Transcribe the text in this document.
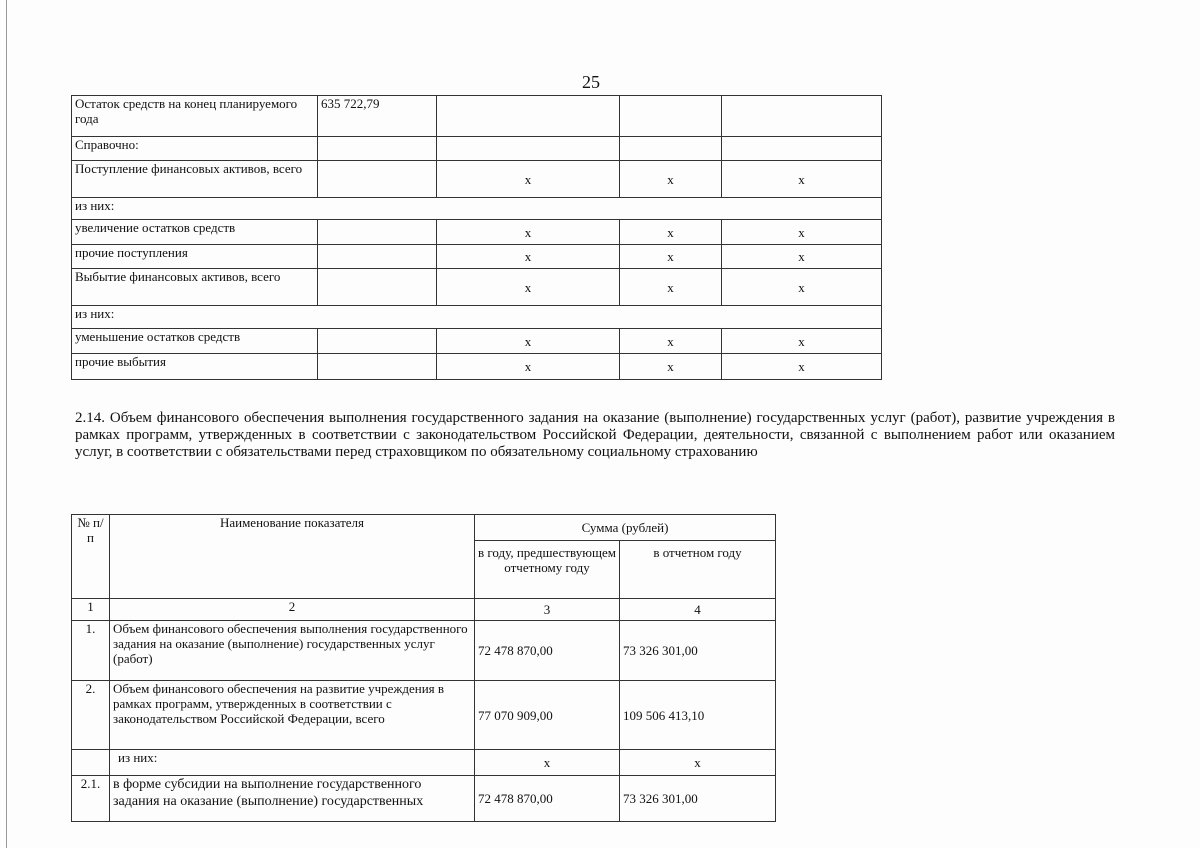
25
Остаток средств на конец планируемого года	635 722,79			
Справочно:				
Поступление финансовых активов, всего		х	х	х
из них:				
увеличение остатков средств		х	х	х
прочие поступления		х	х	х
Выбытие финансовых активов, всего		х	х	х
из них:				
уменьшение остатков средств		х	х	х
прочие выбытия		х	х	х

2.14. Объем финансового обеспечения выполнения государственного задания на оказание (выполнение) государственных услуг (работ), развитие учреждения в рамках программ, утвержденных в соответствии с законодательством Российской Федерации, деятельности, связанной с выполнением работ или оказанием услуг, в соответствии с обязательствами перед страховщиком по обязательному социальному страхованию

№ п/п	Наименование показателя	Сумма (рублей)	
		в году, предшествующем отчетному году	в отчетном году
1	2	3	4
1.	Объем финансового обеспечения выполнения государственного задания на оказание (выполнение) государственных услуг (работ)	72 478 870,00	73 326 301,00
2.	Объем финансового обеспечения на развитие учреждения в рамках программ, утвержденных в соответствии с законодательством Российской Федерации, всего	77 070 909,00	109 506 413,10
	из них:	х	х
2.1.	в форме субсидии на выполнение государственного задания на оказание (выполнение) государственных	72 478 870,00	73 326 301,00
